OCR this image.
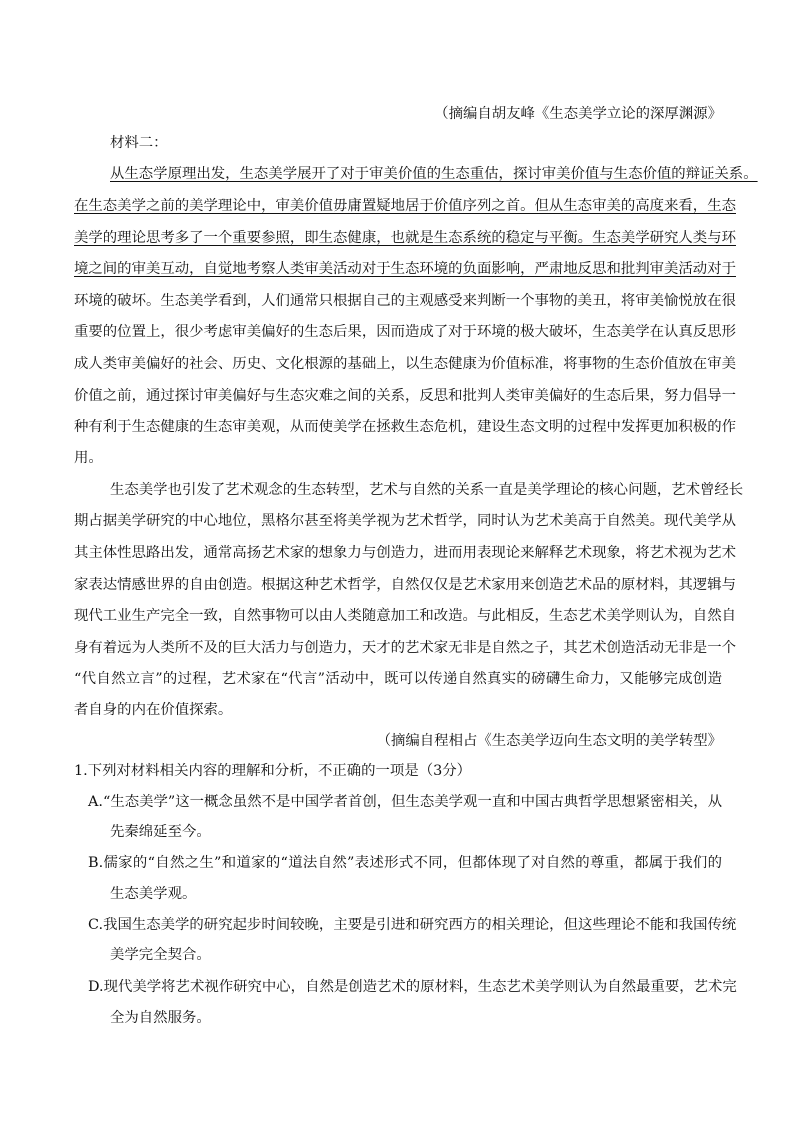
（摘编自胡友峰《生态美学立论的深厚渊源》
材料二：
从生态学原理出发，生态美学展开了对于审美价值的生态重估，探讨审美价值与生态价值的辩证关系。
在生态美学之前的美学理论中，审美价值毋庸置疑地居于价值序列之首。但从生态审美的高度来看，生态
美学的理论思考多了一个重要参照，即生态健康，也就是生态系统的稳定与平衡。生态美学研究人类与环
境之间的审美互动，自觉地考察人类审美活动对于生态环境的负面影响，严肃地反思和批判审美活动对于
环境的破坏。生态美学看到，人们通常只根据自己的主观感受来判断一个事物的美丑，将审美愉悦放在很
重要的位置上，很少考虑审美偏好的生态后果，因而造成了对于环境的极大破坏，生态美学在认真反思形
成人类审美偏好的社会、历史、文化根源的基础上，以生态健康为价值标准，将事物的生态价值放在审美
价值之前，通过探讨审美偏好与生态灾难之间的关系，反思和批判人类审美偏好的生态后果，努力倡导一
种有利于生态健康的生态审美观，从而使美学在拯救生态危机，建设生态文明的过程中发挥更加积极的作
用。
生态美学也引发了艺术观念的生态转型，艺术与自然的关系一直是美学理论的核心问题，艺术曾经长
期占据美学研究的中心地位，黑格尔甚至将美学视为艺术哲学，同时认为艺术美高于自然美。现代美学从
其主体性思路出发，通常高扬艺术家的想象力与创造力，进而用表现论来解释艺术现象，将艺术视为艺术
家表达情感世界的自由创造。根据这种艺术哲学，自然仅仅是艺术家用来创造艺术品的原材料，其逻辑与
现代工业生产完全一致，自然事物可以由人类随意加工和改造。与此相反，生态艺术美学则认为，自然自
身有着远为人类所不及的巨大活力与创造力，天才的艺术家无非是自然之子，其艺术创造活动无非是一个
“代自然立言”的过程，艺术家在“代言”活动中，既可以传递自然真实的磅礴生命力，又能够完成创造
者自身的内在价值探索。
（摘编自程相占《生态美学迈向生态文明的美学转型》
1.下列对材料相关内容的理解和分析，不正确的一项是（3分）
A.“生态美学”这一概念虽然不是中国学者首创，但生态美学观一直和中国古典哲学思想紧密相关，从
先秦绵延至今。
B.儒家的“自然之生”和道家的“道法自然”表述形式不同，但都体现了对自然的尊重，都属于我们的
生态美学观。
C.我国生态美学的研究起步时间较晚，主要是引进和研究西方的相关理论，但这些理论不能和我国传统
美学完全契合。
D.现代美学将艺术视作研究中心，自然是创造艺术的原材料，生态艺术美学则认为自然最重要，艺术完
全为自然服务。
